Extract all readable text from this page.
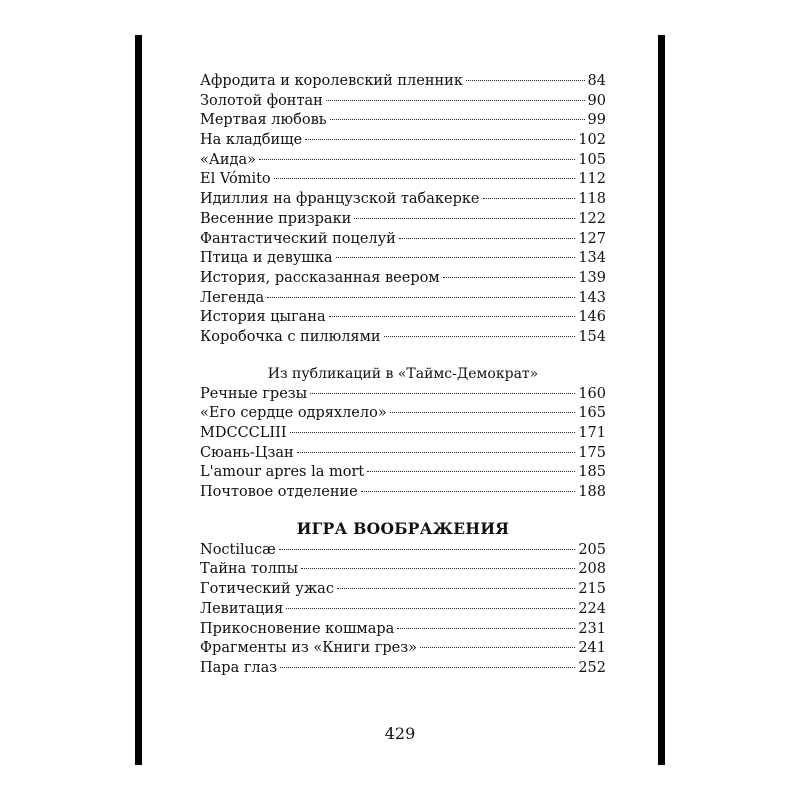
Афродита и королевский пленник	84
Золотой фонтан	90
Мертвая любовь	99
На кладбище	102
«Аида»	105
El Vómito	112
Идиллия на французской табакерке	118
Весенние призраки	122
Фантастический поцелуй	127
Птица и девушка	134
История, рассказанная веером	139
Легенда	143
История цыгана	146
Коробочка с пилюлями	154
Из публикаций в «Таймс-Демократ»
Речные грезы	160
«Его сердце одряхлело»	165
MDCCCLIII	171
Сюань-Цзан	175
L'amour apres la mort	185
Почтовое отделение	188
ИГРА ВООБРАЖЕНИЯ
Noctilucæ	205
Тайна толпы	208
Готический ужас	215
Левитация	224
Прикосновение кошмара	231
Фрагменты из «Книги грез»	241
Пара глаз	252
429
